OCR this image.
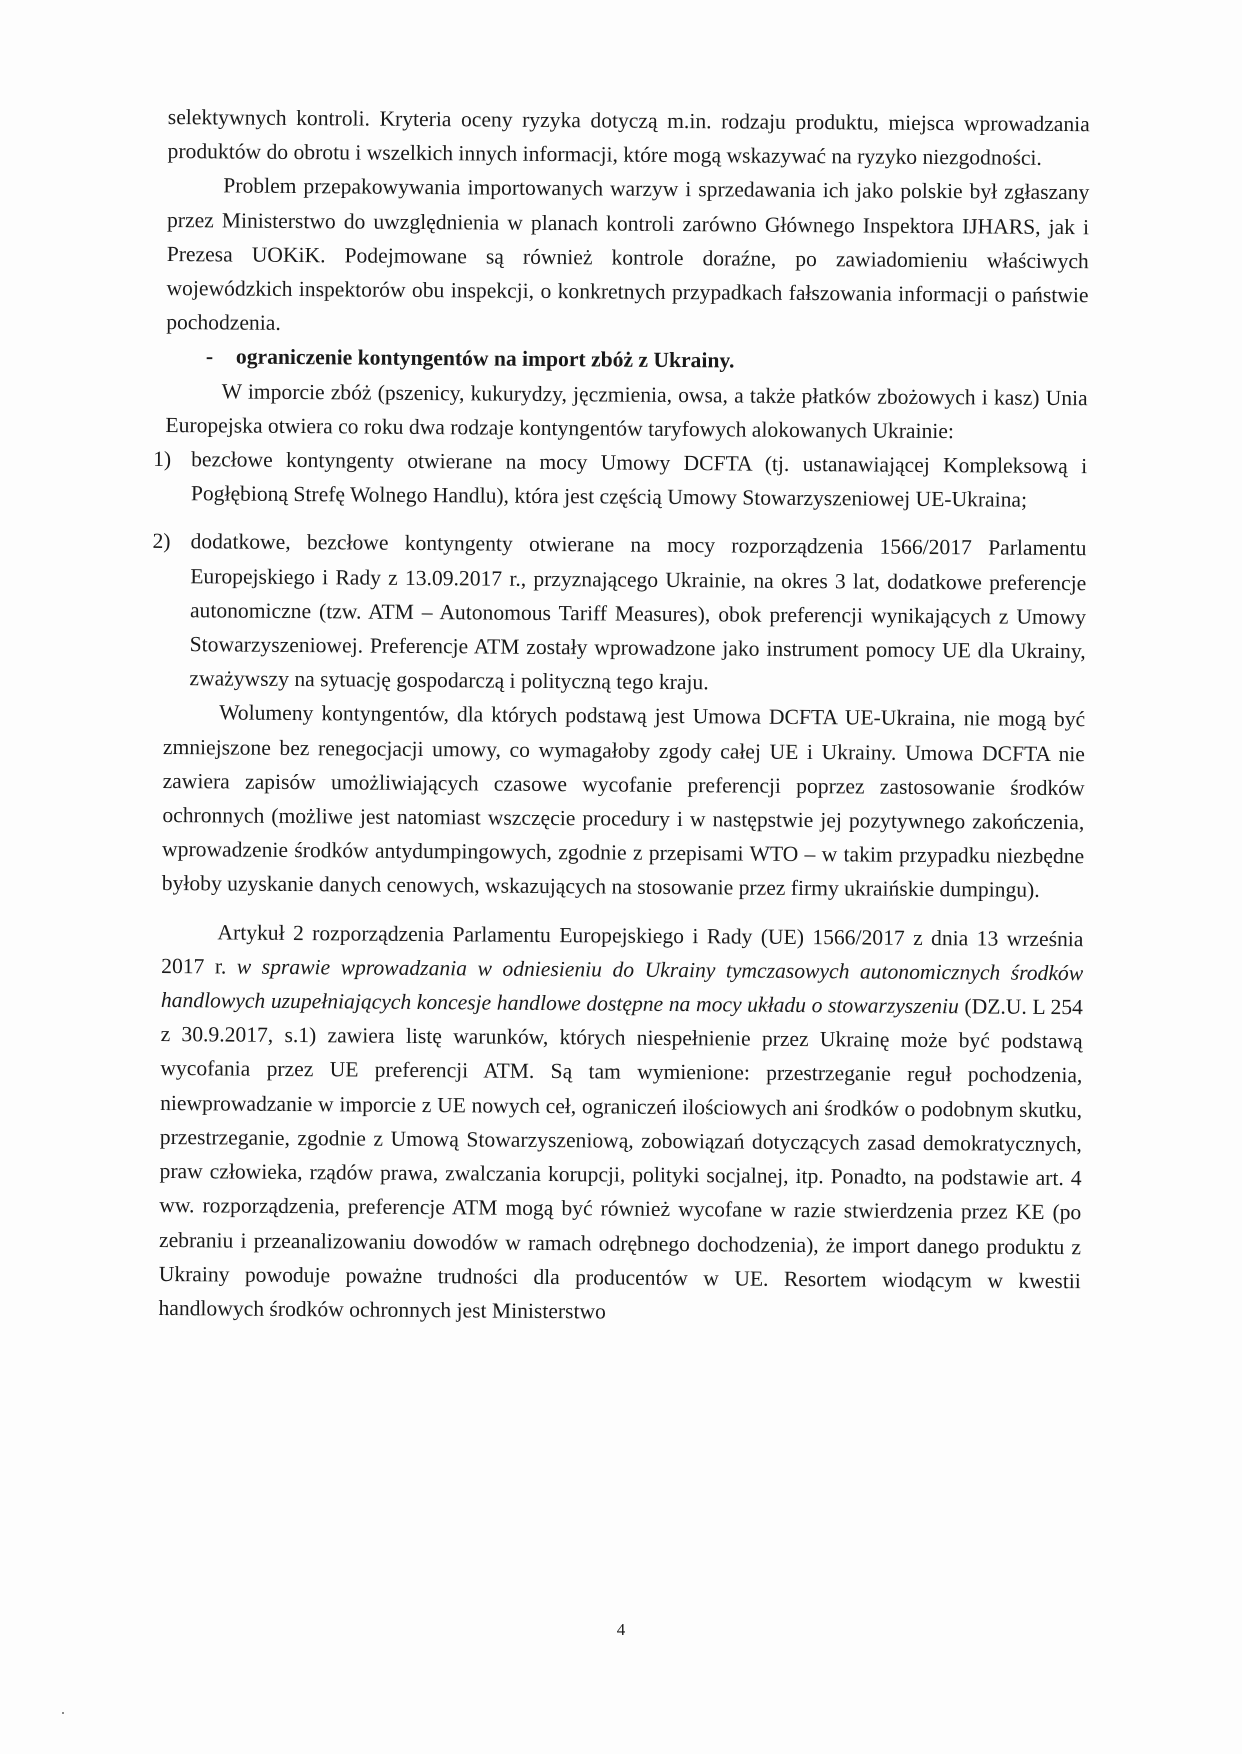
selektywnych kontroli. Kryteria oceny ryzyka dotyczą m.in. rodzaju produktu, miejsca wprowadzania produktów do obrotu i wszelkich innych informacji, które mogą wskazywać na ryzyko niezgodności.

Problem przepakowywania importowanych warzyw i sprzedawania ich jako polskie był zgłaszany przez Ministerstwo do uwzględnienia w planach kontroli zarówno Głównego Inspektora IJHARS, jak i Prezesa UOKiK. Podejmowane są również kontrole doraźne, po zawiadomieniu właściwych wojewódzkich inspektorów obu inspekcji, o konkretnych przypadkach fałszowania informacji o państwie pochodzenia.

-	ograniczenie kontyngentów na import zbóż z Ukrainy.

W imporcie zbóż (pszenicy, kukurydzy, jęczmienia, owsa, a także płatków zbożowych i kasz) Unia Europejska otwiera co roku dwa rodzaje kontyngentów taryfowych alokowanych Ukrainie:

1) bezcłowe kontyngenty otwierane na mocy Umowy DCFTA (tj. ustanawiającej Kompleksową i Pogłębioną Strefę Wolnego Handlu), która jest częścią Umowy Stowarzyszeniowej UE-Ukraina;
2) dodatkowe, bezcłowe kontyngenty otwierane na mocy rozporządzenia 1566/2017 Parlamentu Europejskiego i Rady z 13.09.2017 r., przyznającego Ukrainie, na okres 3 lat, dodatkowe preferencje autonomiczne (tzw. ATM – Autonomous Tariff Measures), obok preferencji wynikających z Umowy Stowarzyszeniowej. Preferencje ATM zostały wprowadzone jako instrument pomocy UE dla Ukrainy, zważywszy na sytuację gospodarczą i polityczną tego kraju.

Wolumeny kontyngentów, dla których podstawą jest Umowa DCFTA UE-Ukraina, nie mogą być zmniejszone bez renegocjacji umowy, co wymagałoby zgody całej UE i Ukrainy. Umowa DCFTA nie zawiera zapisów umożliwiających czasowe wycofanie preferencji poprzez zastosowanie środków ochronnych (możliwe jest natomiast wszczęcie procedury i w następstwie jej pozytywnego zakończenia, wprowadzenie środków antydumpingowych, zgodnie z przepisami WTO – w takim przypadku niezbędne byłoby uzyskanie danych cenowych, wskazujących na stosowanie przez firmy ukraińskie dumpingu).

Artykuł 2 rozporządzenia Parlamentu Europejskiego i Rady (UE) 1566/2017 z dnia 13 września 2017 r. w sprawie wprowadzania w odniesieniu do Ukrainy tymczasowych autonomicznych środków handlowych uzupełniających koncesje handlowe dostępne na mocy układu o stowarzyszeniu (DZ.U. L 254 z 30.9.2017, s.1) zawiera listę warunków, których niespełnienie przez Ukrainę może być podstawą wycofania przez UE preferencji ATM. Są tam wymienione: przestrzeganie reguł pochodzenia, niewprowadzanie w imporcie z UE nowych ceł, ograniczeń ilościowych ani środków o podobnym skutku, przestrzeganie, zgodnie z Umową Stowarzyszeniową, zobowiązań dotyczących zasad demokratycznych, praw człowieka, rządów prawa, zwalczania korupcji, polityki socjalnej, itp. Ponadto, na podstawie art. 4 ww. rozporządzenia, preferencje ATM mogą być również wycofane w razie stwierdzenia przez KE (po zebraniu i przeanalizowaniu dowodów w ramach odrębnego dochodzenia), że import danego produktu z Ukrainy powoduje poważne trudności dla producentów w UE. Resortem wiodącym w kwestii handlowych środków ochronnych jest Ministerstwo

4
